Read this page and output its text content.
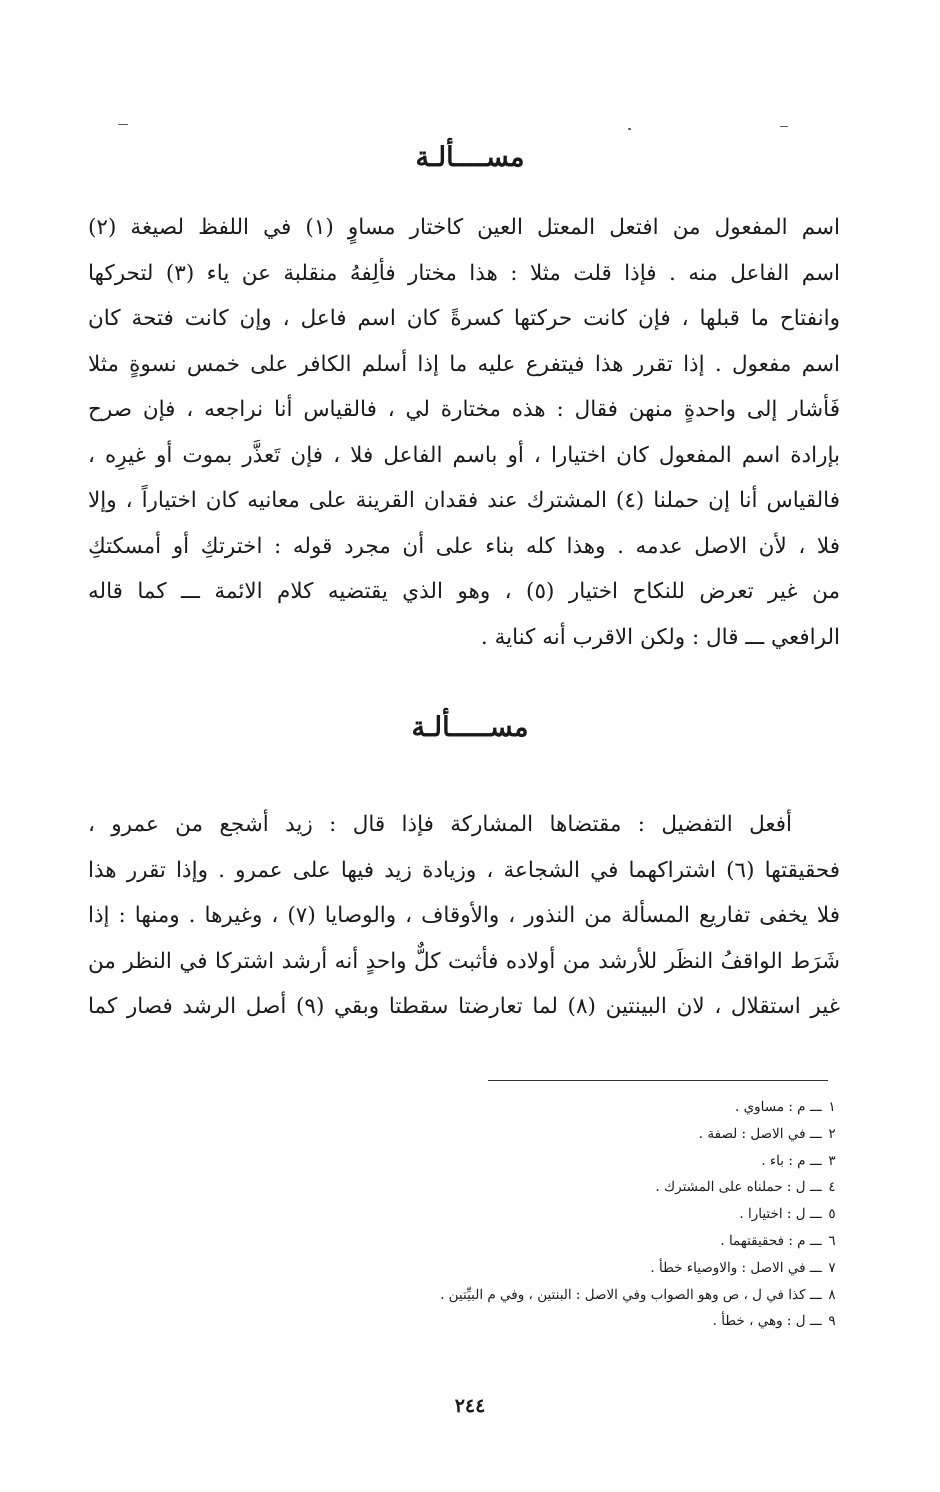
مســــألـة
اسم المفعول من افتعل المعتل العين كاختار مساوٍ (١) في اللفظ لصيغة (٢)
اسم الفاعل منه . فإذا قلت مثلا : هذا مختار فألِفهُ منقلبة عن ياء (٣) لتحركها
وانفتاح ما قبلها ، فإن كانت حركتها كسرةً كان اسم فاعل ، وإن كانت فتحة كان
اسم مفعول . إذا تقرر هذا فيتفرع عليه ما إذا أسلم الكافر على خمس نسوةٍ مثلا
فَأشار إلى واحدةٍ منهن فقال : هذه مختارة لي ، فالقياس أنا نراجعه ، فإن صرح
بإرادة اسم المفعول كان اختيارا ، أو باسم الفاعل فلا ، فإن تَعذَّر بموت أو غيرِه ،
فالقياس أنا إن حملنا (٤) المشترك عند فقدان القرينة على معانيه كان اختياراً ، وإلا
فلا ، لأن الاصل عدمه . وهذا كله بناء على أن مجرد قوله : اخترتكِ أو أمسكتكِ
من غير تعرض للنكاح اختيار (٥) ، وهو الذي يقتضيه كلام الائمة ـــ كما قاله
الرافعي ـــ قال : ولكن الاقرب أنه كناية .
مســـــألـة
أفعل التفضيل : مقتضاها المشاركة فإذا قال : زيد أشجع من عمرو ،
فحقيقتها (٦) اشتراكهما في الشجاعة ، وزيادة زيد فيها على عمرو . وإذا تقرر هذا
فلا يخفى تفاريع المسألة من النذور ، والأوقاف ، والوصايا (٧) ، وغيرها . ومنها : إذا
شَرَط الواقفُ النظَر للأرشد من أولاده فأثبت كلٌّ واحدٍ أنه أرشد اشتركا في النظر من
غير استقلال ، لان البينتين (٨) لما تعارضتا سقطتا وبقي (٩) أصل الرشد فصار كما
١ ـــ م : مساوي .
٢ ـــ في الاصل : لصفة .
٣ ـــ م : باء .
٤ ـــ ل : حملناه على المشترك .
٥ ـــ ل : اختيارا .
٦ ـــ م : فحقيقتهما .
٧ ـــ في الاصل : والاوصياء خطأ .
٨ ـــ كذا في ل ، ص وهو الصواب وفي الاصل : البنتين ، وفي م البيِّتين .
٩ ـــ ل : وهي ، خطأ .
٢٤٤
